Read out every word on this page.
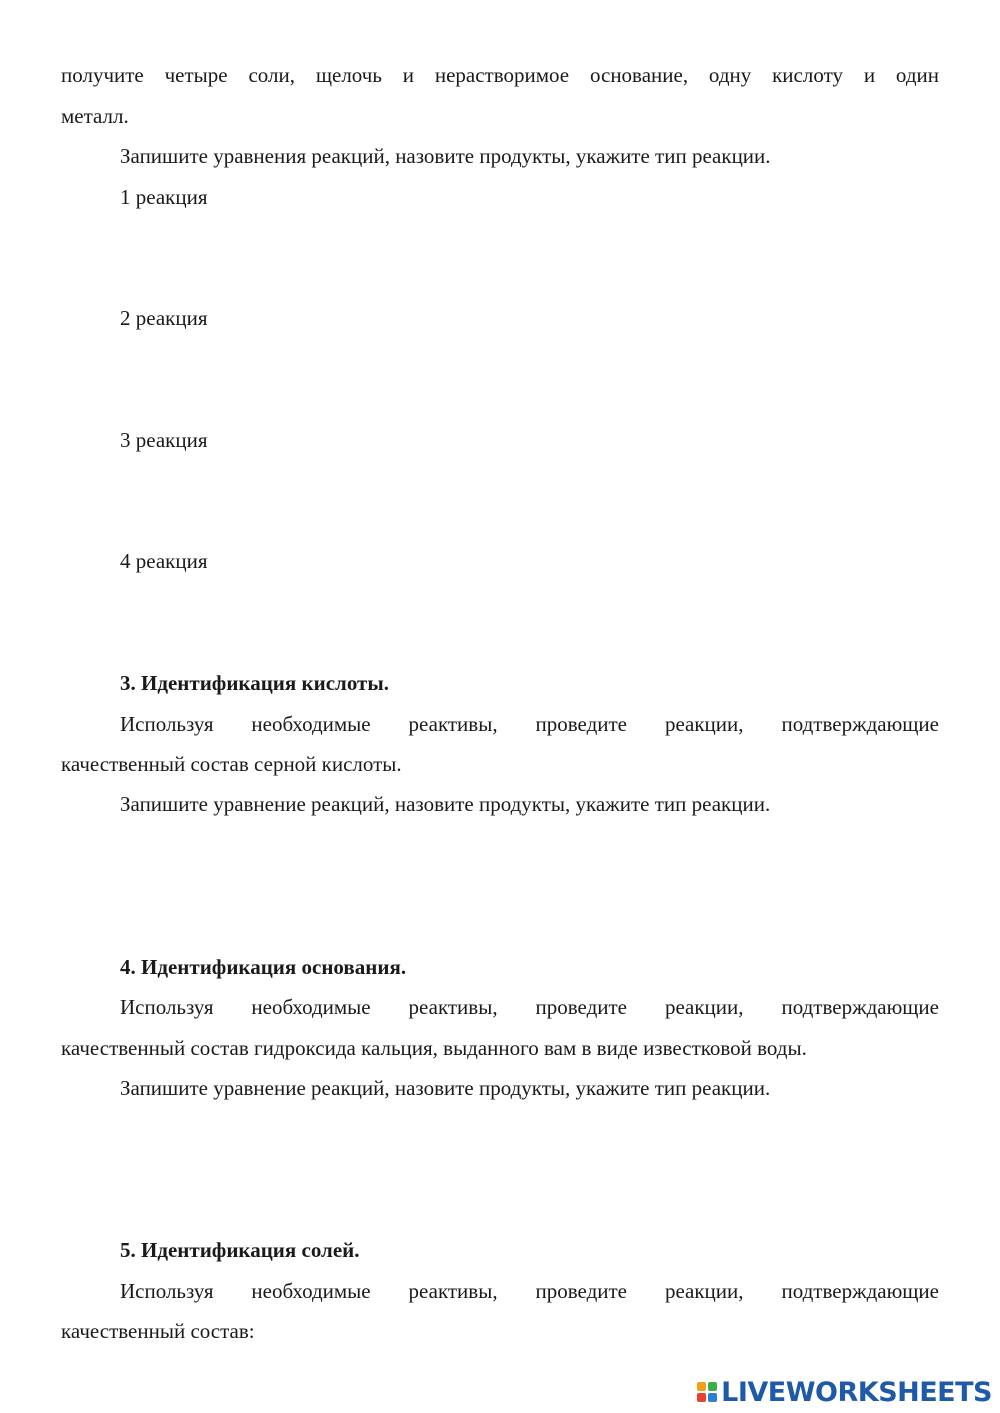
получите четыре соли, щелочь и нерастворимое основание, одну кислоту и один
металл.
Запишите уравнения реакций, назовите продукты, укажите тип реакции.
1 реакция
2 реакция
3 реакция
4 реакция
3. Идентификация кислоты.
Используя необходимые реактивы, проведите реакции, подтверждающие
качественный состав серной кислоты.
Запишите уравнение реакций, назовите продукты, укажите тип реакции.
4. Идентификация основания.
Используя необходимые реактивы, проведите реакции, подтверждающие
качественный состав гидроксида кальция, выданного вам в виде известковой воды.
Запишите уравнение реакций, назовите продукты, укажите тип реакции.
5. Идентификация солей.
Используя необходимые реактивы, проведите реакции, подтверждающие
качественный состав:
LIVEWORKSHEETS
